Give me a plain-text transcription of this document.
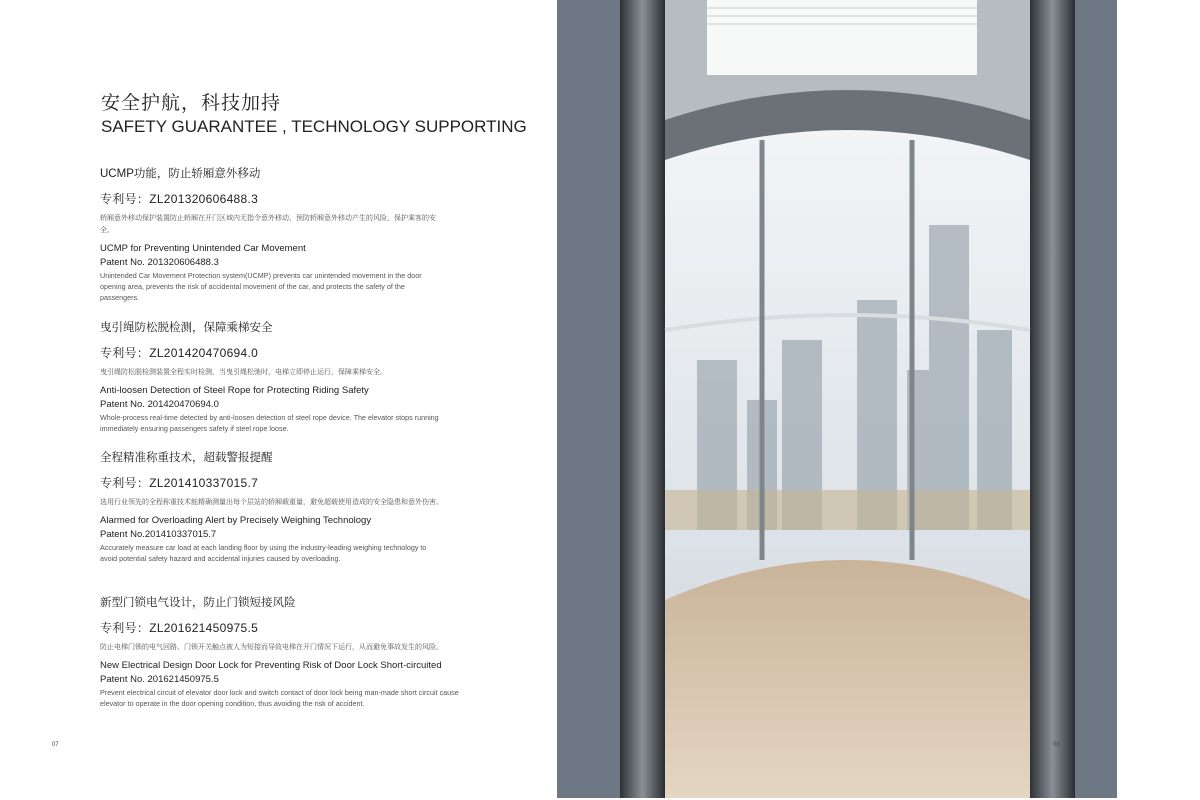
安全护航，科技加持
SAFETY GUARANTEE , TECHNOLOGY SUPPORTING
UCMP功能，防止轿厢意外移动
专利号：ZL201320606488.3
轿厢意外移动保护装置防止轿厢在开门区域内无指令意外移动，预防轿厢意外移动产生的风险，保护乘客的安全。
UCMP for Preventing Unintended Car Movement
Patent No. 201320606488.3
Unintended Car Movement Protection system(UCMP) prevents car unintended movement in the door opening area, prevents the risk of accidental movement of the car, and protects the safety of the passengers.
曳引绳防松脱检测，保障乘梯安全
专利号：ZL201420470694.0
曳引绳防松脱检测装置全程实时检测，当曳引绳松弛时，电梯立即停止运行，保障乘梯安全。
Anti-loosen Detection of Steel Rope for Protecting Riding Safety
Patent No. 201420470694.0
Whole-process real-time detected by anti-loosen detection of steel rope device. The elevator stops running immediately ensuring passengers safety if steel rope loose.
全程精准称重技术，超载警报提醒
专利号：ZL201410337015.7
选用行业领先的全程称重技术能精确测量出每个层站的轿厢载重量，避免超载使用造成的安全隐患和意外伤害。
Alarmed for Overloading Alert by Precisely Weighing Technology
Patent No.201410337015.7
Accurately measure car load at each landing floor by using the industry-leading weighing technology to avoid potential safety hazard and accidental injuries caused by overloading.
新型门锁电气设计，防止门锁短接风险
专利号：ZL201621450975.5
防止电梯门锁的电气回路、门锁开关触点被人为短接而导致电梯在开门情况下运行，从而避免事故发生的风险。
New Electrical Design Door Lock for Preventing Risk of Door Lock Short-circuited
Patent No. 201621450975.5
Prevent electrical circuit of elevator door lock and switch contact of door lock being man-made short circuit cause elevator to operate in the door opening condition, thus avoiding the risk of accident.
07	08
